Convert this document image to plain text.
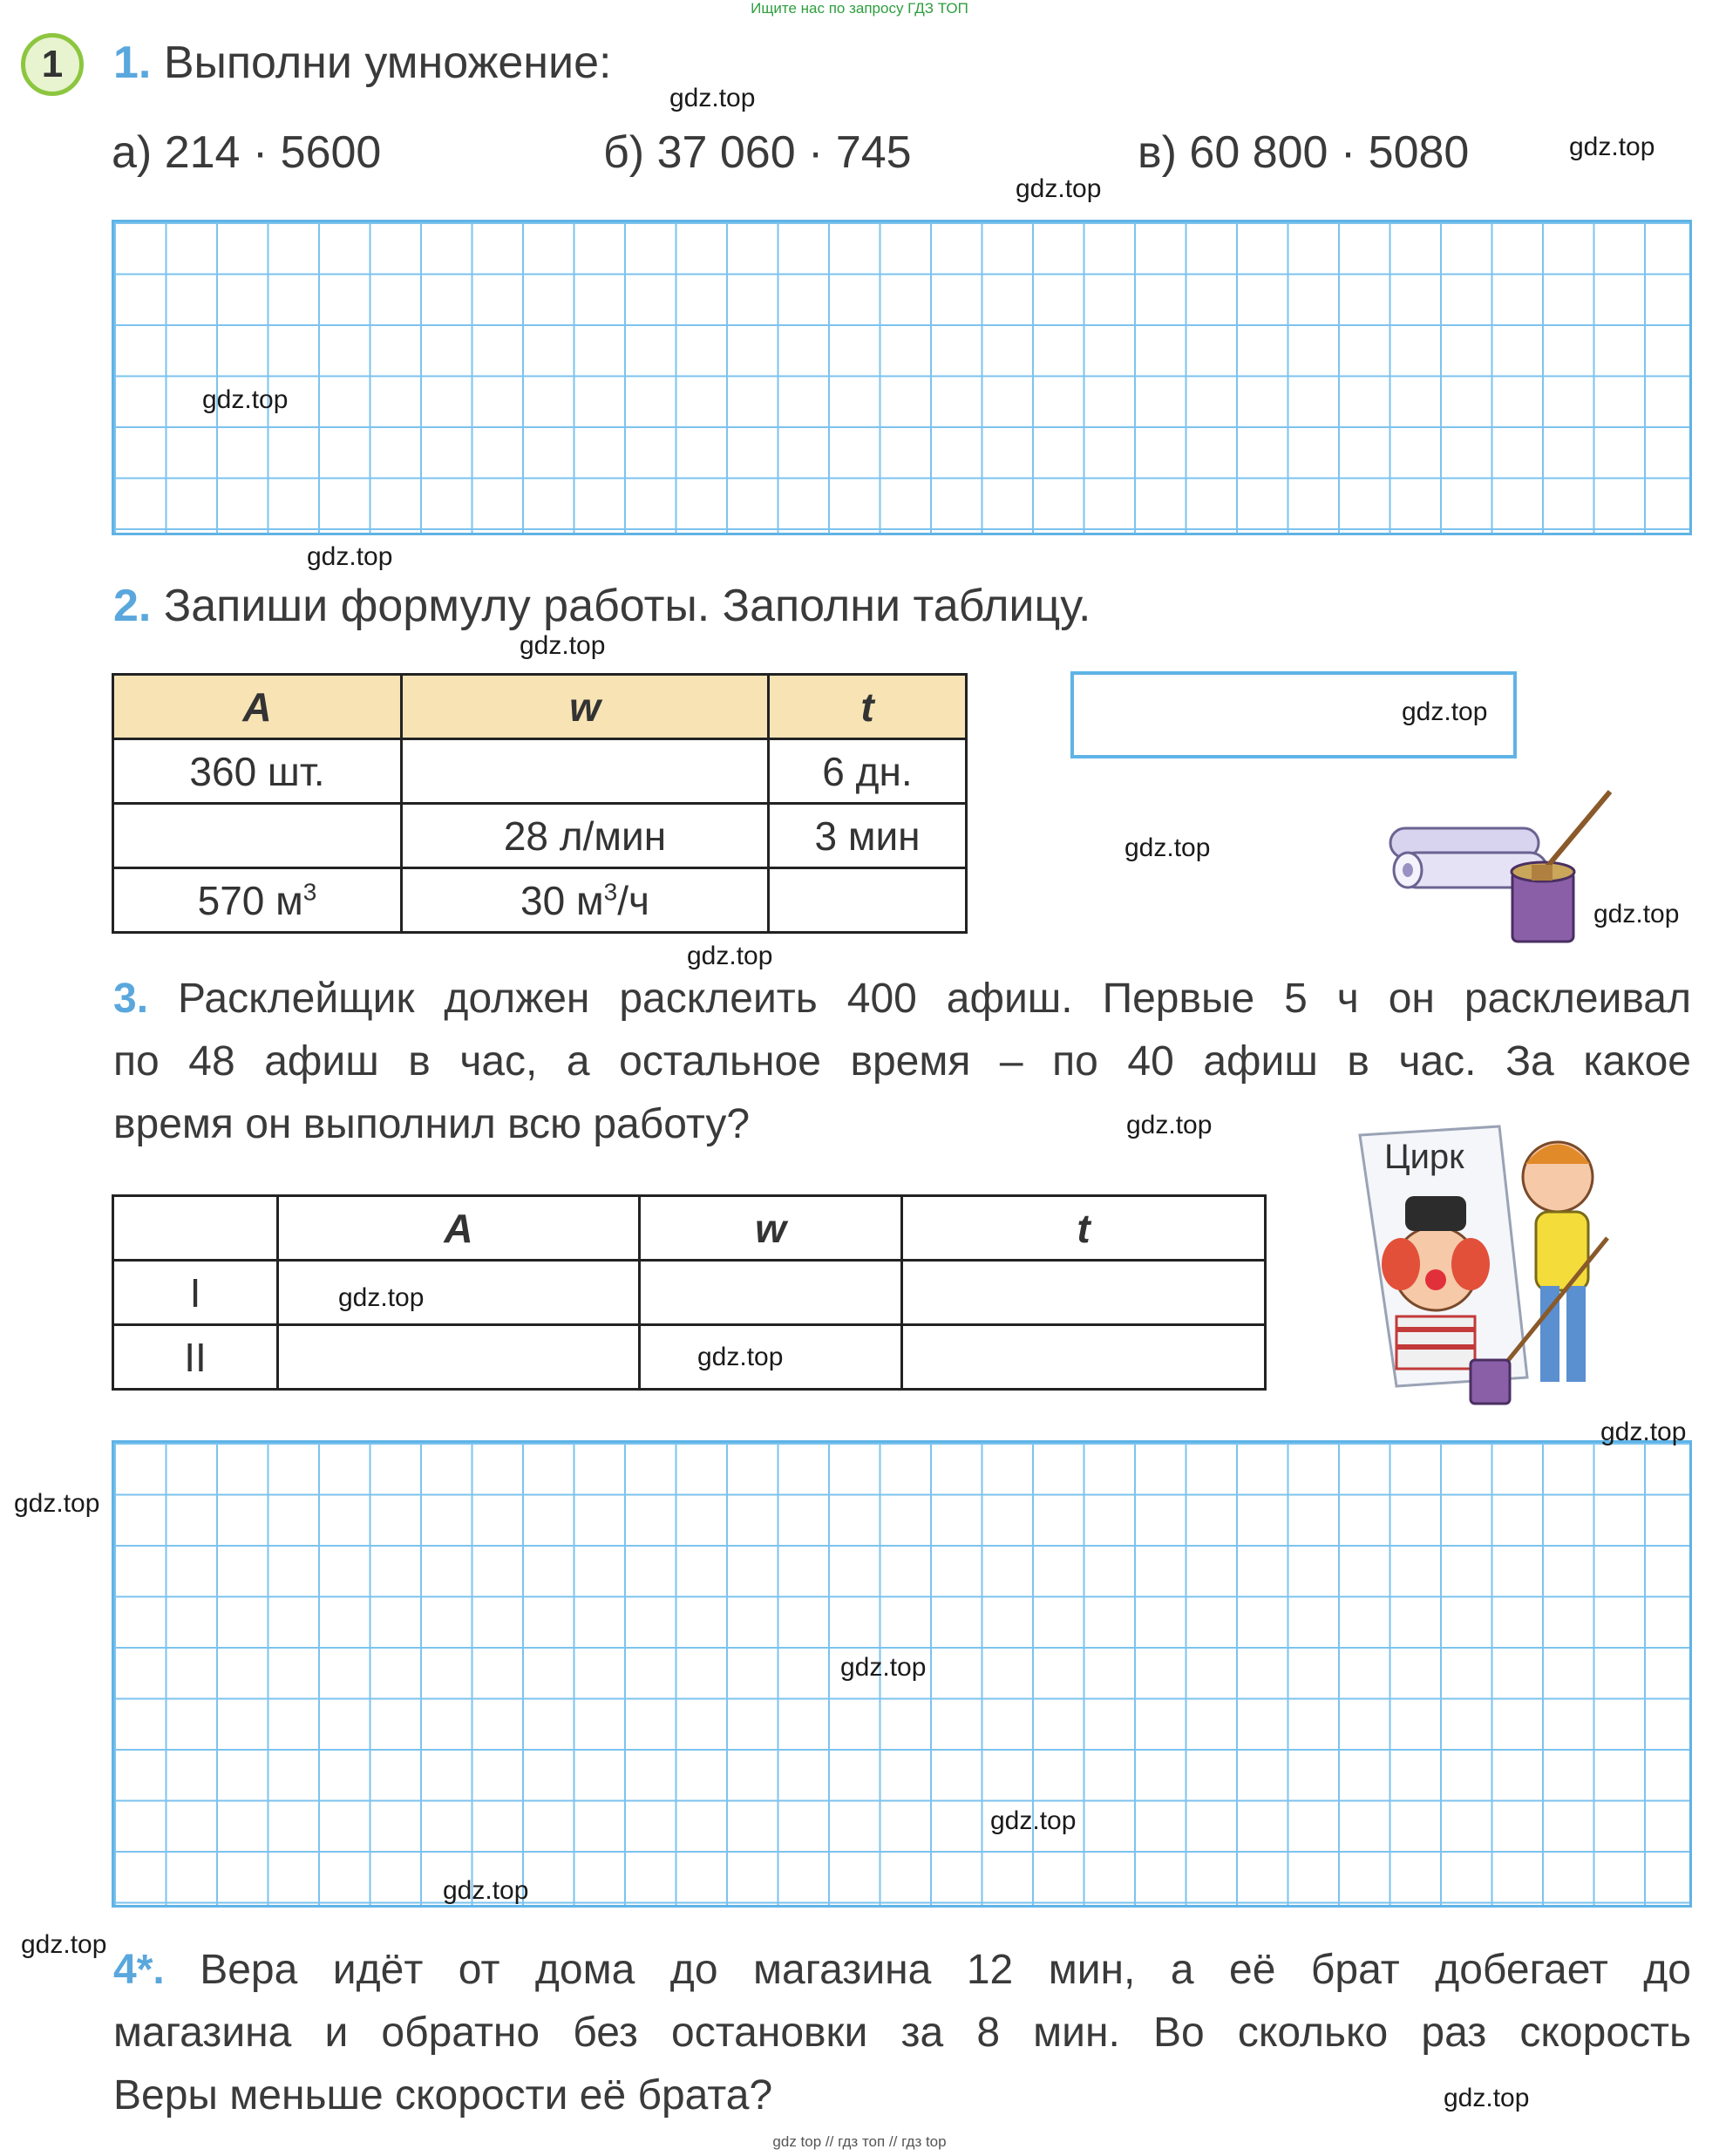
Ищите нас по запросу ГДЗ ТОП
1	1. Выполни умножение:
а) 214 · 5600	б) 37 060 · 745	в) 60 800 · 5080
2. Запиши формулу работы. Заполни таблицу.
A	w	t
360 шт.		6 дн.
	28 л/мин	3 мин
570 $м^3$	30 $м^3/ч$	
3. Расклейщик должен расклеить 400 афиш. Первые 5 ч он расклеивал
по 48 афиш в час, а остальное время – по 40 афиш в час. За какое
время он выполнил всю работу?
	A	w	t
I			
II			
Цирк
4*. Вера идёт от дома до магазина 12 мин, а её брат добегает до
магазина и обратно без остановки за 8 мин. Во сколько раз скорость
Веры меньше скорости её брата?
gdz.top
gdz.top
gdz.top
gdz.top
gdz.top
gdz.top
gdz.top
gdz.top
gdz.top
gdz.top
gdz.top
gdz.top
gdz.top
gdz.top
gdz.top
gdz.top
gdz.top
gdz.top
gdz.top
gdz.top
gdz top // гдз топ // гдз top
